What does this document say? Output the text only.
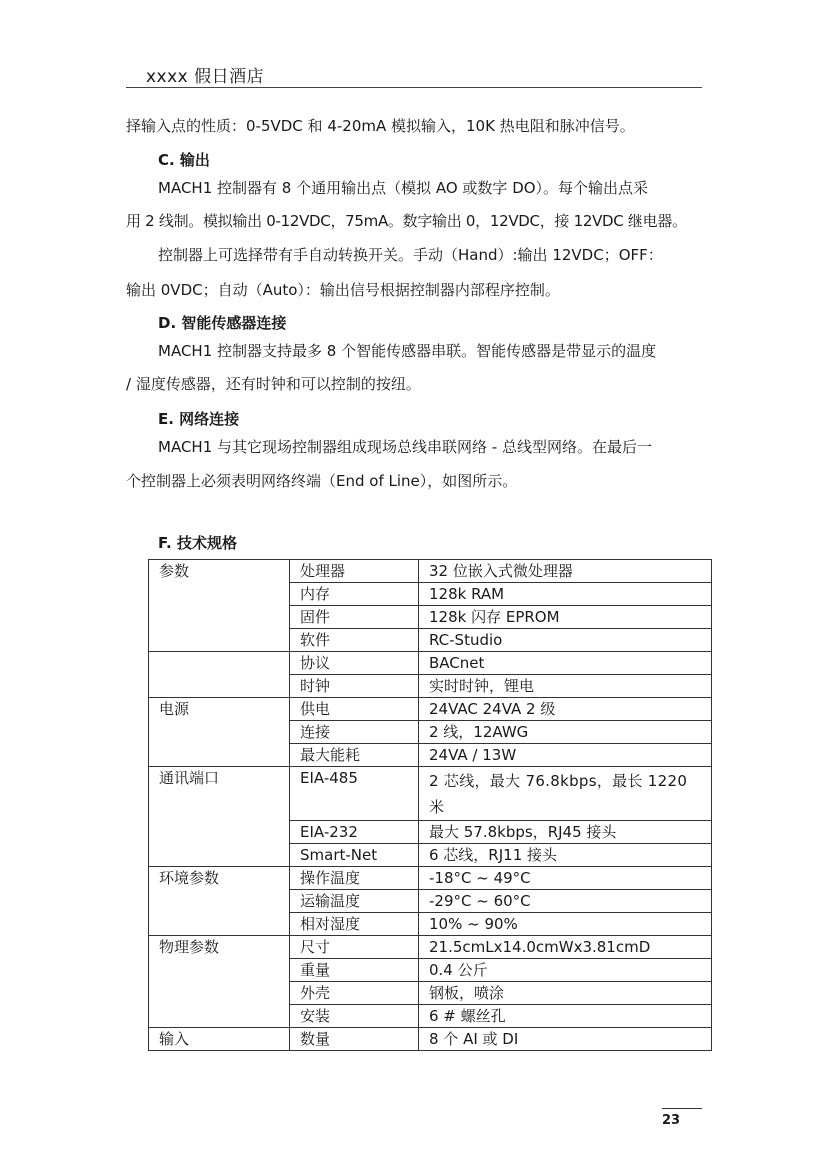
xxxx 假日酒店
择输入点的性质：0-5VDC 和 4-20mA 模拟输入，10K 热电阻和脉冲信号。
C. 输出
MACH1 控制器有 8 个通用输出点（模拟 AO 或数字 DO）。每个输出点采
用 2 线制。模拟输出 0-12VDC，75mA。数字输出 0，12VDC，接 12VDC 继电器。
控制器上可选择带有手自动转换开关。手动（Hand）:输出 12VDC；OFF：
输出 0VDC；自动（Auto）：输出信号根据控制器内部程序控制。
D. 智能传感器连接
MACH1 控制器支持最多 8 个智能传感器串联。智能传感器是带显示的温度
/ 湿度传感器，还有时钟和可以控制的按纽。
E. 网络连接
MACH1 与其它现场控制器组成现场总线串联网络 - 总线型网络。在最后一
个控制器上必须表明网络终端（End of Line），如图所示。
F. 技术规格
参数	处理器	32 位嵌入式微处理器
	内存	128k RAM
	固件	128k 闪存 EPROM
	软件	RC-Studio
	协议	BACnet
	时钟	实时时钟，锂电
电源	供电	24VAC 24VA 2 级
	连接	2 线，12AWG
	最大能耗	24VA / 13W
通讯端口	EIA-485	2 芯线，最大 76.8kbps，最长 1220 米
	EIA-232	最大 57.8kbps，RJ45 接头
	Smart-Net	6 芯线，RJ11 接头
环境参数	操作温度	-18°C ~ 49°C
	运输温度	-29°C ~ 60°C
	相对湿度	10% ~ 90%
物理参数	尺寸	21.5cmLx14.0cmWx3.81cmD
	重量	0.4 公斤
	外壳	钢板，喷涂
	安装	6 # 螺丝孔
输入	数量	8 个 AI 或 DI
23
